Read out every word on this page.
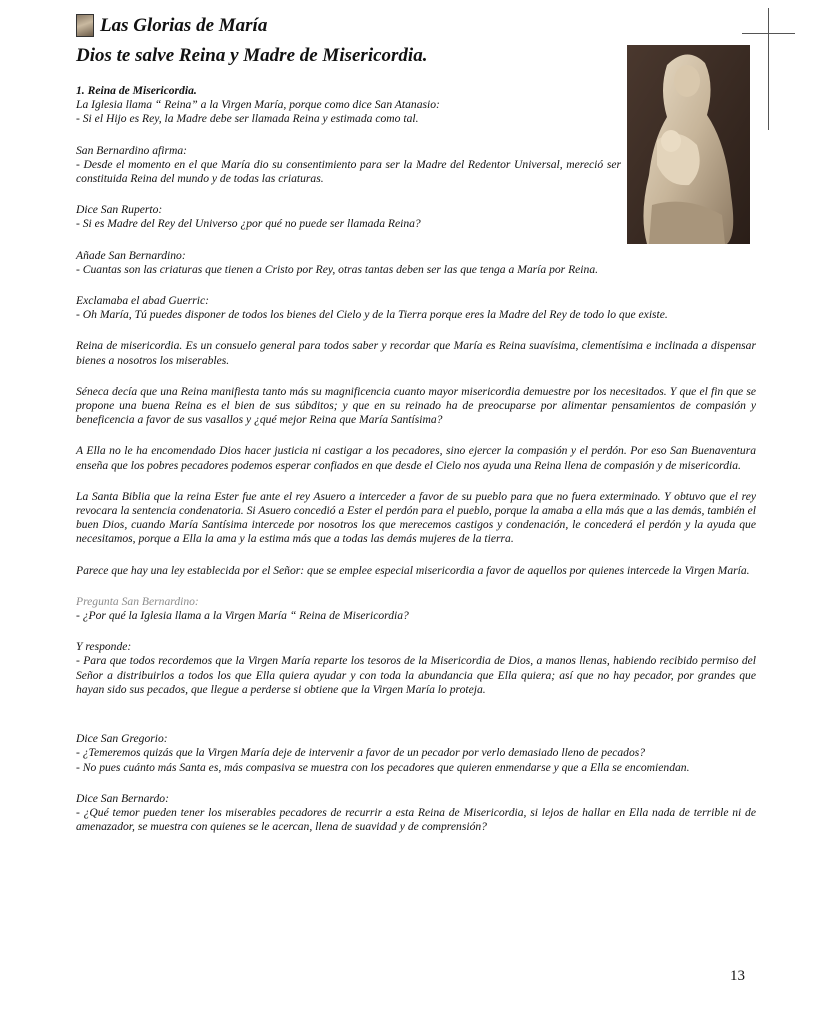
Las Glorias de María
Dios te salve Reina y Madre de Misericordia.

1. Reina de Misericordia.
La Iglesia llama “ Reina” a la Virgen María, porque como dice San Atanasio:
- Si el Hijo es Rey, la Madre debe ser llamada Reina y estimada como tal.

San Bernardino afirma:
- Desde el momento en el que María dio su consentimiento para ser la Madre del Redentor Universal, mereció ser constituida Reina del mundo y de todas las criaturas.

Dice San Ruperto:
- Si es Madre del Rey del Universo ¿por qué no puede ser llamada Reina?

Añade San Bernardino:
- Cuantas son las criaturas que tienen a Cristo por Rey, otras tantas deben ser las que tenga a María por Reina.

Exclamaba el abad Guerric:
- Oh María, Tú puedes disponer de todos los bienes del Cielo y de la Tierra porque eres la Madre del Rey de todo lo que existe.

Reina de misericordia. Es un consuelo general para todos saber y recordar que María es Reina suavísima, clementísima e inclinada a dispensar bienes a nosotros los miserables.

Séneca decía que una Reina manifiesta tanto más su magnificencia cuanto mayor misericordia demuestre por los necesitados. Y que el fin que se propone una buena Reina es el bien de sus súbditos; y que en su reinado ha de preocuparse por alimentar pensamientos de compasión y beneficencia a favor de sus vasallos y ¿qué mejor Reina que María Santísima?

A Ella no le ha encomendado Dios hacer justicia ni castigar a los pecadores, sino ejercer la compasión y el perdón. Por eso San Buenaventura enseña que los pobres pecadores podemos esperar confiados en que desde el Cielo nos ayuda una Reina llena de compasión y de misericordia.

La Santa Biblia que la reina Ester fue ante el rey Asuero a interceder a favor de su pueblo para que no fuera exterminado. Y obtuvo que el rey revocara la sentencia condenatoria. Si Asuero concedió a Ester el perdón para el pueblo, porque la amaba a ella más que a las demás, también el buen Dios, cuando María Santísima intercede por nosotros los que merecemos castigos y condenación, le concederá el perdón y la ayuda que necesitamos, porque a Ella la ama y la estima más que a todas las demás mujeres de la tierra.

Parece que hay una ley establecida por el Señor: que se emplee especial misericordia a favor de aquellos por quienes intercede la Virgen María.

Pregunta San Bernardino:
- ¿Por qué la Iglesia llama a la Virgen María “ Reina de Misericordia?

Y responde:
- Para que todos recordemos que la Virgen María reparte los tesoros de la Misericordia de Dios, a manos llenas, habiendo recibido permiso del Señor a distribuirlos a todos los que Ella quiera ayudar y con toda la abundancia que Ella quiera; así que no hay pecador, por grandes que hayan sido sus pecados, que llegue a perderse si obtiene que la Virgen María lo proteja.

Dice San Gregorio:
- ¿Temeremos quizás que la Virgen María deje de intervenir a favor de un pecador por verlo demasiado lleno de pecados?
- No pues cuánto más Santa es, más compasiva se muestra con los pecadores que quieren enmendarse y que a Ella se encomiendan.

Dice San Bernardo:
- ¿Qué temor pueden tener los miserables pecadores de recurrir a esta Reina de Misericordia, si lejos de hallar en Ella nada de terrible ni de amenazador, se muestra con quienes se le acercan, llena de suavidad y de comprensión?

13
